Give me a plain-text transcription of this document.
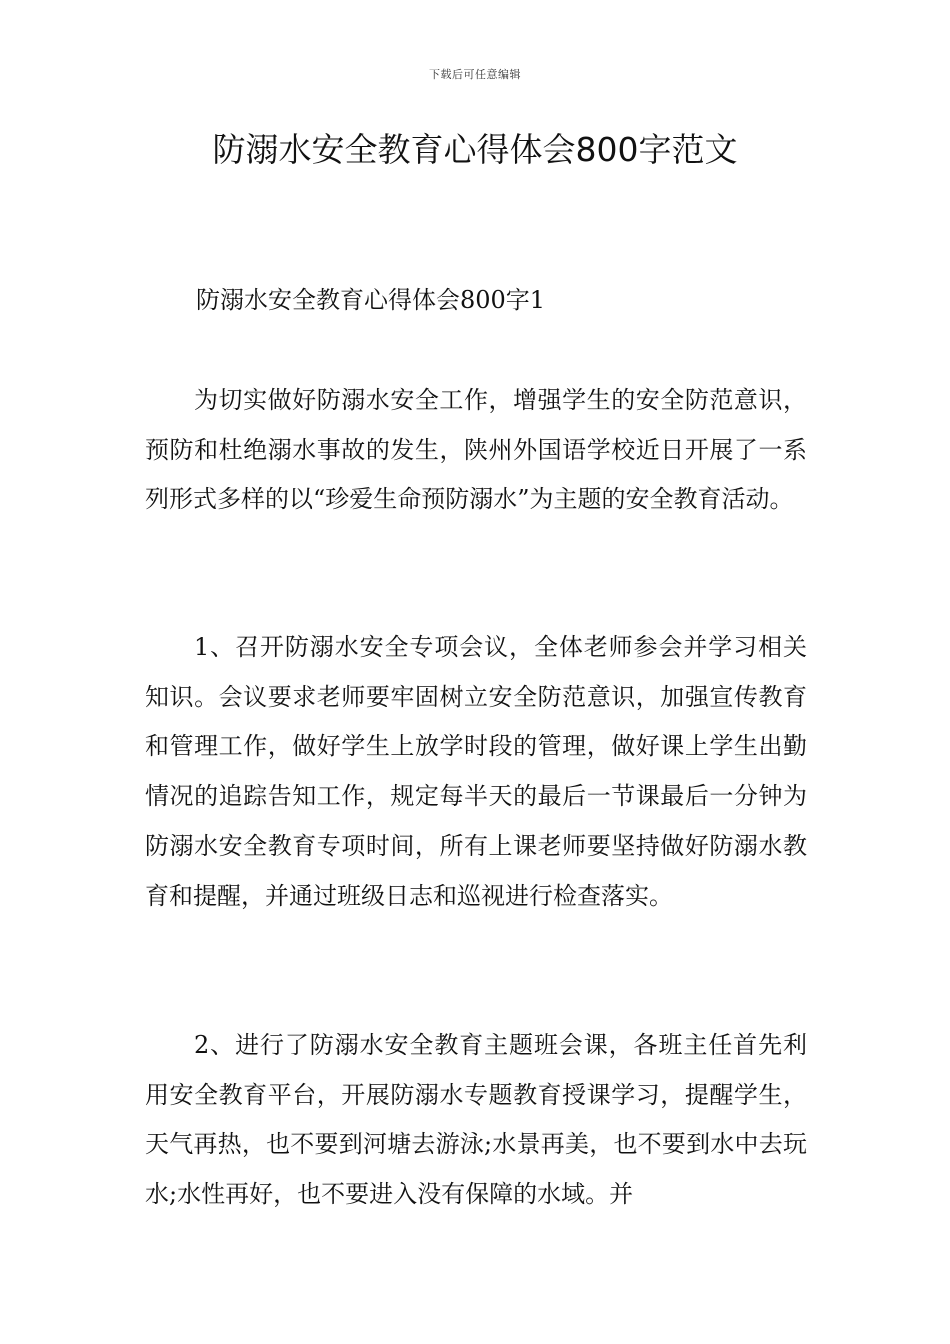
下载后可任意编辑
防溺水安全教育心得体会800字范文
防溺水安全教育心得体会800字1

为切实做好防溺水安全工作，增强学生的安全防范意识，预防和杜绝溺水事故的发生，陕州外国语学校近日开展了一系列形式多样的以“珍爱生命预防溺水”为主题的安全教育活动。

1、召开防溺水安全专项会议，全体老师参会并学习相关知识。会议要求老师要牢固树立安全防范意识，加强宣传教育和管理工作，做好学生上放学时段的管理，做好课上学生出勤情况的追踪告知工作，规定每半天的最后一节课最后一分钟为防溺水安全教育专项时间，所有上课老师要坚持做好防溺水教育和提醒，并通过班级日志和巡视进行检查落实。

2、进行了防溺水安全教育主题班会课，各班主任首先利用安全教育平台，开展防溺水专题教育授课学习，提醒学生，天气再热，也不要到河塘去游泳;水景再美，也不要到水中去玩水;水性再好，也不要进入没有保障的水域。并
